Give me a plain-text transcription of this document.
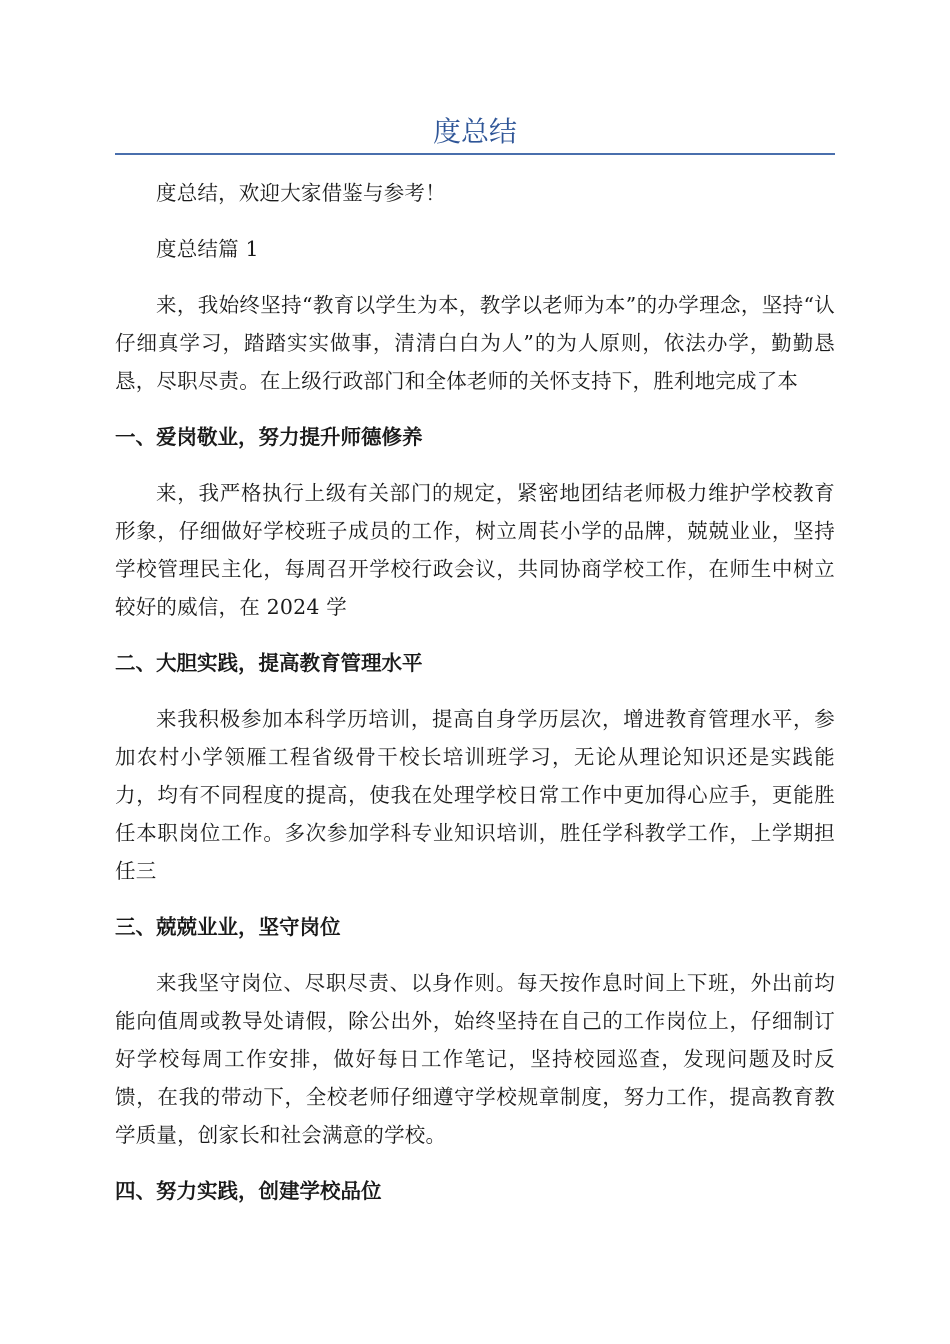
度总结

度总结，欢迎大家借鉴与参考！

度总结篇 1

来，我始终坚持“教育以学生为本，教学以老师为本”的办学理念，坚持“认仔细真学习，踏踏实实做事，清清白白为人”的为人原则，依法办学，勤勤恳恳，尽职尽责。在上级行政部门和全体老师的关怀支持下，胜利地完成了本

一、爱岗敬业，努力提升师德修养

来，我严格执行上级有关部门的规定，紧密地团结老师极力维护学校教育形象，仔细做好学校班子成员的工作，树立周苌小学的品牌，兢兢业业，坚持学校管理民主化，每周召开学校行政会议，共同协商学校工作，在师生中树立较好的威信，在 2024 学

二、大胆实践，提高教育管理水平

来我积极参加本科学历培训，提高自身学历层次，增进教育管理水平，参加农村小学领雁工程省级骨干校长培训班学习，无论从理论知识还是实践能力，均有不同程度的提高，使我在处理学校日常工作中更加得心应手，更能胜任本职岗位工作。多次参加学科专业知识培训，胜任学科教学工作，上学期担任三

三、兢兢业业，坚守岗位

来我坚守岗位、尽职尽责、以身作则。每天按作息时间上下班，外出前均能向值周或教导处请假，除公出外，始终坚持在自己的工作岗位上，仔细制订好学校每周工作安排，做好每日工作笔记，坚持校园巡查，发现问题及时反馈，在我的带动下，全校老师仔细遵守学校规章制度，努力工作，提高教育教学质量，创家长和社会满意的学校。

四、努力实践，创建学校品位
